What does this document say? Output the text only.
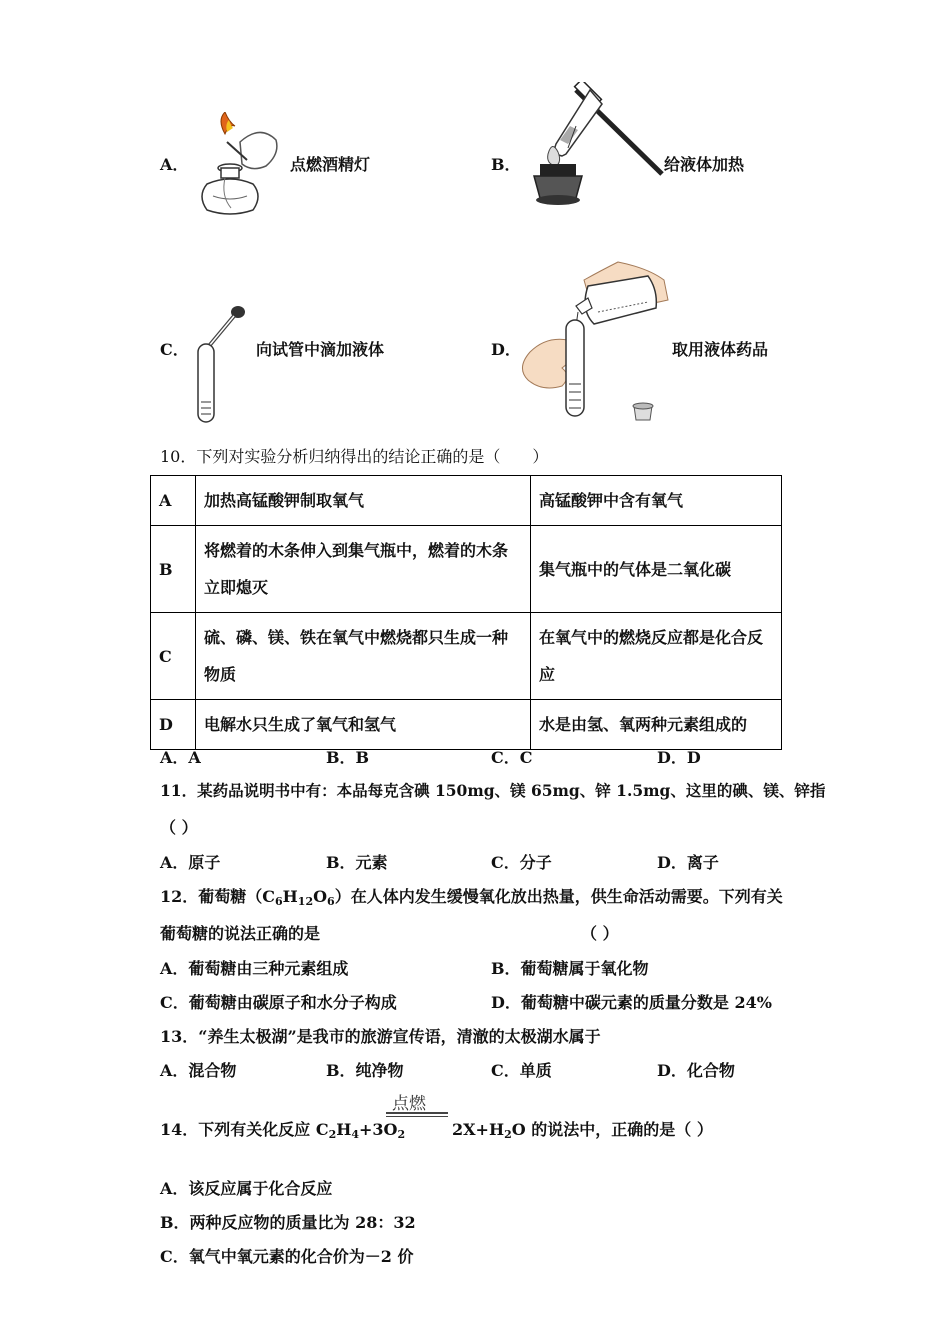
A．	点燃酒精灯	B．	给液体加热
C．	向试管中滴加液体	D．	取用液体药品
10．下列对实验分析归纳得出的结论正确的是（　　）
A	加热高锰酸钾制取氧气	高锰酸钾中含有氧气
B	将燃着的木条伸入到集气瓶中，燃着的木条立即熄灭	集气瓶中的气体是二氧化碳
C	硫、磷、镁、铁在氧气中燃烧都只生成一种物质	在氧气中的燃烧反应都是化合反应
D	电解水只生成了氧气和氢气	水是由氢、氧两种元素组成的
A．A	B．B	C．C	D．D
11．某药品说明书中有：本品每克含碘 150mg、镁 65mg、锌 1.5mg、这里的碘、镁、锌指
（ ）
A．原子	B．元素	C．分子	D．离子
12．葡萄糖$(C_6H_{12}O_6)$在人体内发生缓慢氧化放出热量，供生命活动需要。下列有关
葡萄糖的说法正确的是	（ ）
A．葡萄糖由三种元素组成	B．葡萄糖属于氧化物
C．葡萄糖由碳原子和水分子构成	D．葡萄糖中碳元素的质量分数是 24%
13．“养生太极湖”是我市的旅游宣传语，清澈的太极湖水属于
A．混合物	B．纯净物	C．单质	D．化合物
点燃
14．下列有关化反应 $C_2H_4+3O_2$	$2X+H_2O$ 的说法中，正确的是（ ）
A．该反应属于化合反应
B．两种反应物的质量比为 28：32
C．氧气中氧元素的化合价为－2 价
